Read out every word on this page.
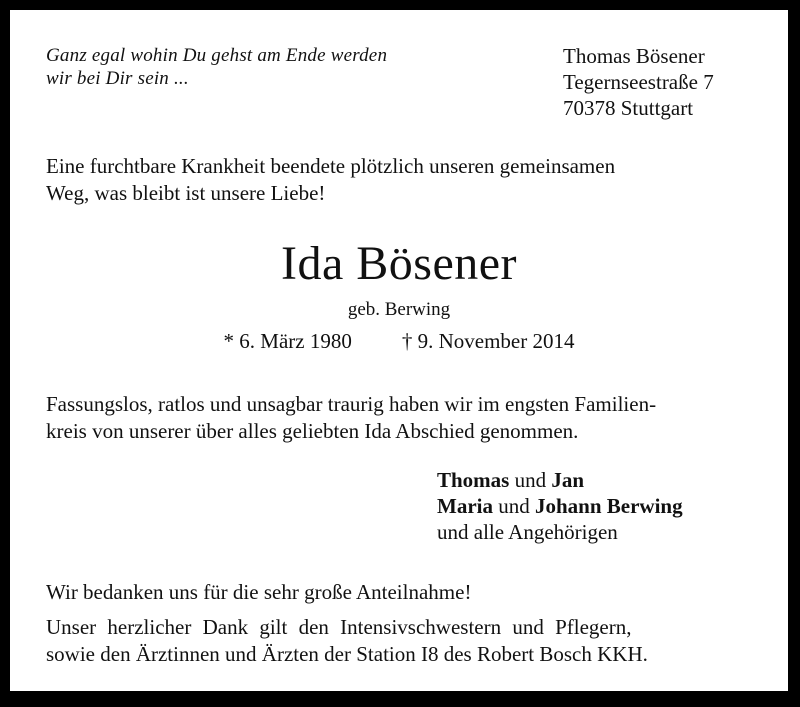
Ganz egal wohin Du gehst am Ende werden
wir bei Dir sein ...
Thomas Bösener
Tegernseestraße 7
70378 Stuttgart
Eine furchtbare Krankheit beendete plötzlich unseren gemeinsamen
Weg, was bleibt ist unsere Liebe!
Ida Bösener
geb. Berwing
* 6. März 1980 † 9. November 2014
Fassungslos, ratlos und unsagbar traurig haben wir im engsten Familien-
kreis von unserer über alles geliebten Ida Abschied genommen.
Thomas und Jan
Maria und Johann Berwing
und alle Angehörigen
Wir bedanken uns für die sehr große Anteilnahme!
Unser herzlicher Dank gilt den Intensivschwestern und Pflegern,
sowie den Ärztinnen und Ärzten der Station I8 des Robert Bosch KKH.
